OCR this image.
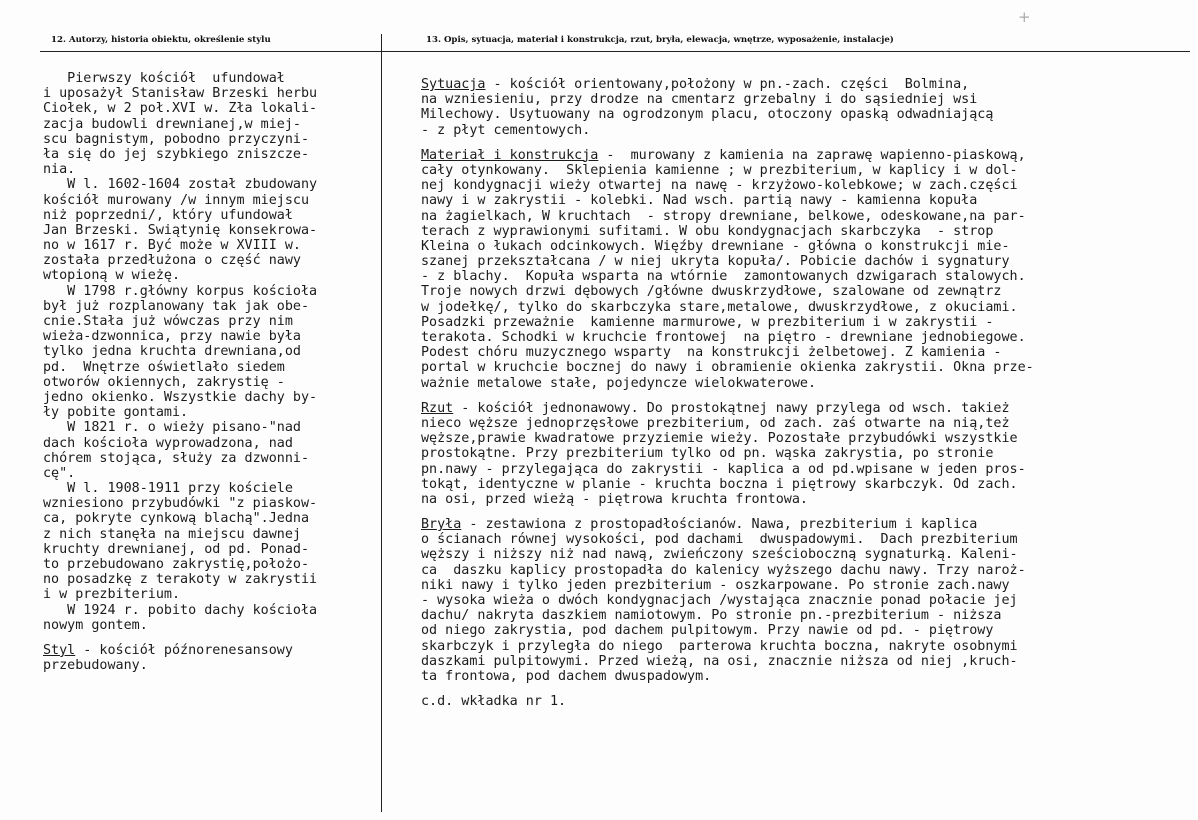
+
12. Autorzy, historia obiektu, określenie stylu	13. Opis, sytuacja, materiał i konstrukcja, rzut, bryła, elewacja, wnętrze, wyposażenie, instalacje)
Pierwszy kościół  ufundował
i uposażył Stanisław Brzeski herbu
Ciołek, w 2 poł.XVI w. Zła lokali-
zacja budowli drewnianej,w miej-
scu bagnistym, pobodno przyczyni-
ła się do jej szybkiego zniszcze-
nia.
W l. 1602-1604 został zbudowany
kościół murowany /w innym miejscu
niż poprzedni/, który ufundował
Jan Brzeski. Swiątynię konsekrowa-
no w 1617 r. Być może w XVIII w.
została przedłużona o część nawy
wtopioną w wieżę.
W 1798 r.główny korpus kościoła
był już rozplanowany tak jak obe-
cnie.Stała już wówczas przy nim
wieża-dzwonnica, przy nawie była
tylko jedna kruchta drewniana,od
pd.  Wnętrze oświetlało siedem
otworów okiennych, zakrystię -
jedno okienko. Wszystkie dachy by-
ły pobite gontami.
W 1821 r. o wieży pisano-"nad
dach kościoła wyprowadzona, nad
chórem stojąca, służy za dzwonni-
cę".
W l. 1908-1911 przy kościele
wzniesiono przybudówki "z piaskow-
ca, pokryte cynkową blachą".Jedna
z nich stanęła na miejscu dawnej
kruchty drewnianej, od pd. Ponad-
to przebudowano zakrystię,położo-
no posadzkę z terakoty w zakrystii
i w prezbiterium.
W 1924 r. pobito dachy kościoła
nowym gontem.
Styl - kościół późnorenesansowy
przebudowany.
Sytuacja - kościół orientowany,położony w pn.-zach. części  Bolmina,
na wzniesieniu, przy drodze na cmentarz grzebalny i do sąsiedniej wsi
Milechowy. Usytuowany na ogrodzonym placu, otoczony opaską odwadniającą
- z płyt cementowych.
Materiał i konstrukcja -  murowany z kamienia na zaprawę wapienno-piaskową,
cały otynkowany.  Sklepienia kamienne ; w prezbiterium, w kaplicy i w dol-
nej kondygnacji wieży otwartej na nawę - krzyżowo-kolebkowe; w zach.części
nawy i w zakrystii - kolebki. Nad wsch. partią nawy - kamienna kopuła
na żagielkach, W kruchtach  - stropy drewniane, belkowe, odeskowane,na par-
terach z wyprawionymi sufitami. W obu kondygnacjach skarbczyka  - strop
Kleina o łukach odcinkowych. Więźby drewniane - główna o konstrukcji mie-
szanej przekształcana / w niej ukryta kopuła/. Pobicie dachów i sygnatury
- z blachy.  Kopuła wsparta na wtórnie  zamontowanych dzwigarach stalowych.
Troje nowych drzwi dębowych /główne dwuskrzydłowe, szalowane od zewnątrz
w jodełkę/, tylko do skarbczyka stare,metalowe, dwuskrzydłowe, z okuciami.
Posadzki przeważnie  kamienne marmurowe, w prezbiterium i w zakrystii -
terakota. Schodki w kruchcie frontowej  na piętro - drewniane jednobiegowe.
Podest chóru muzycznego wsparty  na konstrukcji żelbetowej. Z kamienia -
portal w kruchcie bocznej do nawy i obramienie okienka zakrystii. Okna prze-
ważnie metalowe stałe, pojedyncze wielokwaterowe.
Rzut - kościół jednonawowy. Do prostokątnej nawy przylega od wsch. takież
nieco węższe jednoprzęsłowe prezbiterium, od zach. zaś otwarte na nią,też
węższe,prawie kwadratowe przyziemie wieży. Pozostałe przybudówki wszystkie
prostokątne. Przy prezbiterium tylko od pn. wąska zakrystia, po stronie
pn.nawy - przylegająca do zakrystii - kaplica a od pd.wpisane w jeden pros-
tokąt, identyczne w planie - kruchta boczna i piętrowy skarbczyk. Od zach.
na osi, przed wieżą - piętrowa kruchta frontowa.
Bryła - zestawiona z prostopadłościanów. Nawa, prezbiterium i kaplica
o ścianach równej wysokości, pod dachami  dwuspadowymi.  Dach prezbiterium
węższy i niższy niż nad nawą, zwieńczony sześcioboczną sygnaturką. Kaleni-
ca  daszku kaplicy prostopadła do kalenicy wyższego dachu nawy. Trzy naroż-
niki nawy i tylko jeden prezbiterium - oszkarpowane. Po stronie zach.nawy
- wysoka wieża o dwóch kondygnacjach /wystająca znacznie ponad połacie jej
dachu/ nakryta daszkiem namiotowym. Po stronie pn.-prezbiterium - niższa
od niego zakrystia, pod dachem pulpitowym. Przy nawie od pd. - piętrowy
skarbczyk i przyległa do niego  parterowa kruchta boczna, nakryte osobnymi
daszkami pulpitowymi. Przed wieżą, na osi, znacznie niższa od niej ,kruch-
ta frontowa, pod dachem dwuspadowym.
c.d. wkładka nr 1.
